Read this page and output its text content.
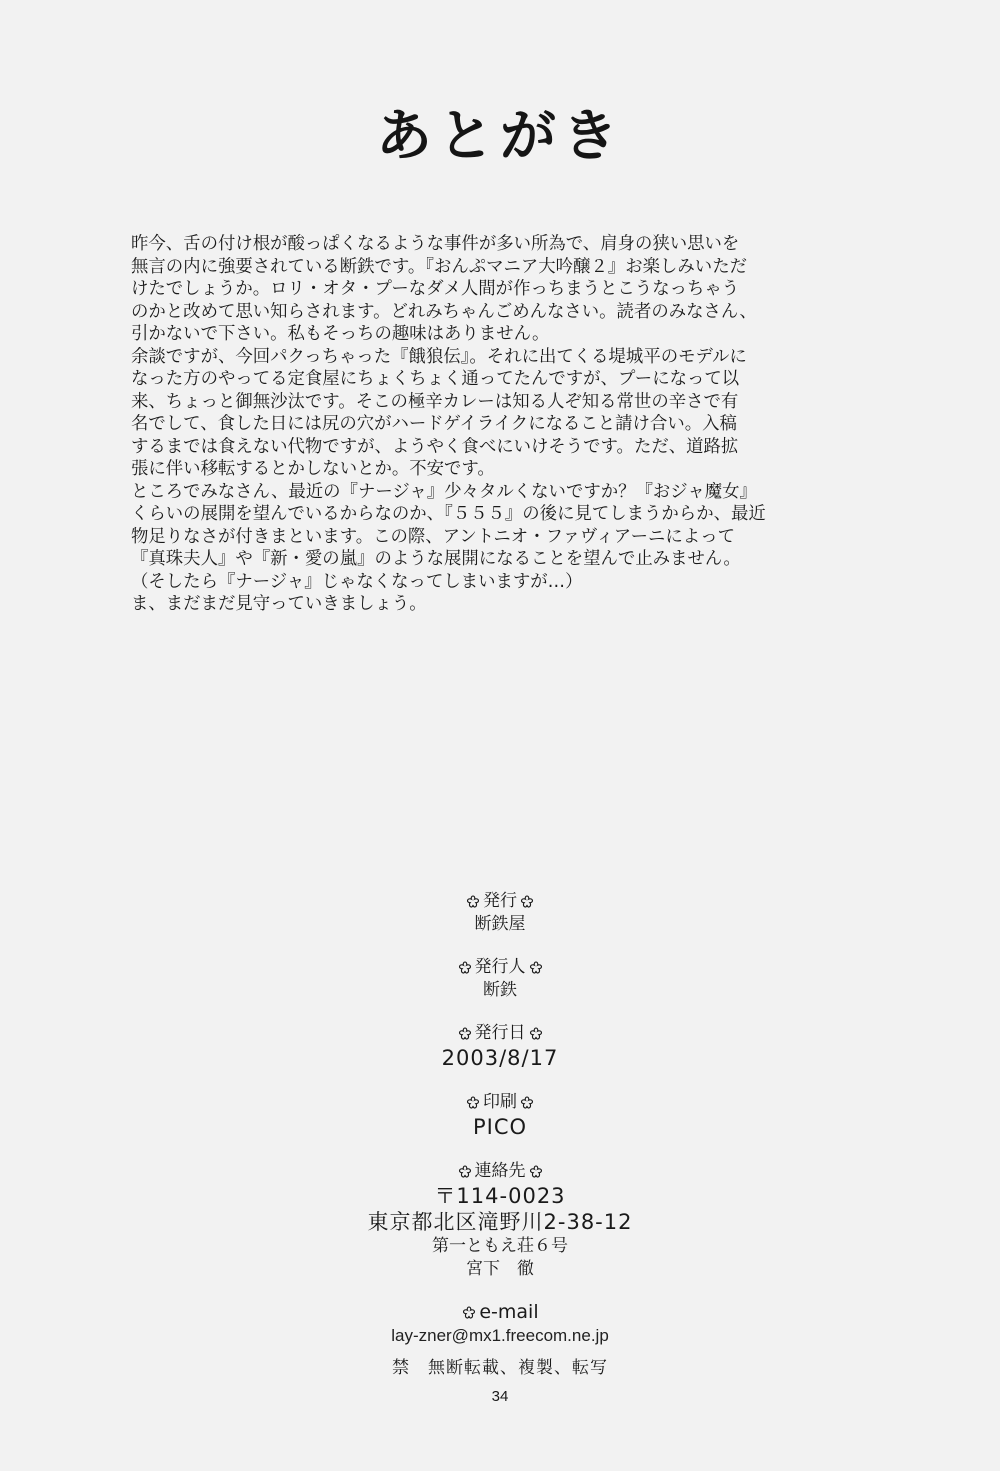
あとがき
昨今、舌の付け根が酸っぱくなるような事件が多い所為で、肩身の狭い思いを
無言の内に強要されている断鉄です。『おんぷマニア大吟醸２』お楽しみいただ
けたでしょうか。ロリ・オタ・プーなダメ人間が作っちまうとこうなっちゃう
のかと改めて思い知らされます。どれみちゃんごめんなさい。読者のみなさん、
引かないで下さい。私もそっちの趣味はありません。
余談ですが、今回パクっちゃった『餓狼伝』。それに出てくる堤城平のモデルに
なった方のやってる定食屋にちょくちょく通ってたんですが、プーになって以
来、ちょっと御無沙汰です。そこの極辛カレーは知る人ぞ知る常世の辛さで有
名でして、食した日には尻の穴がハードゲイライクになること請け合い。入稿
するまでは食えない代物ですが、ようやく食べにいけそうです。ただ、道路拡
張に伴い移転するとかしないとか。不安です。
ところでみなさん、最近の『ナージャ』少々タルくないですか？『おジャ魔女』
くらいの展開を望んでいるからなのか、『５５５』の後に見てしまうからか、最近
物足りなさが付きまといます。この際、アントニオ・ファヴィアーニによって
『真珠夫人』や『新・愛の嵐』のような展開になることを望んで止みません。
（そしたら『ナージャ』じゃなくなってしまいますが…）
ま、まだまだ見守っていきましょう。
発行
断鉄屋
発行人
断鉄
発行日
2003/8/17
印刷
PICO
連絡先
〒114-0023
東京都北区滝野川2-38-12
第一ともえ荘６号
宮下　徹
e-mail
lay-zner@mx1.freecom.ne.jp
禁　無断転載、複製、転写
34
